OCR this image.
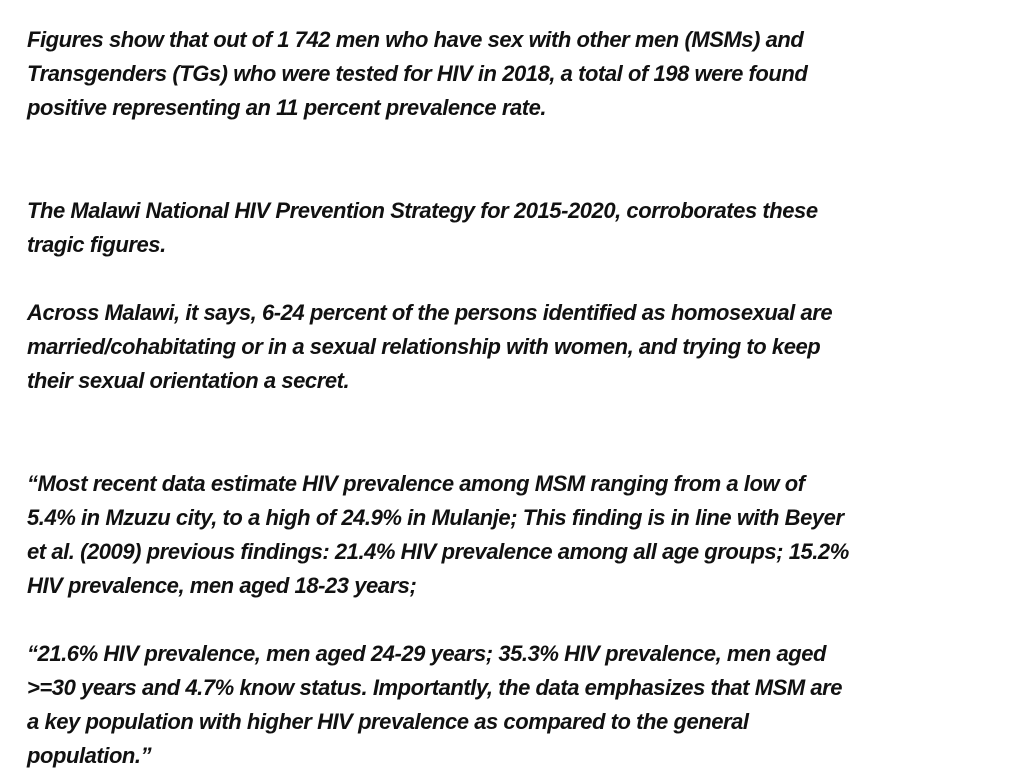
Figures show that out of 1 742 men who have sex with other men (MSMs) and
Transgenders (TGs) who were tested for HIV in 2018, a total of 198 were found
positive representing an 11 percent prevalence rate.

The Malawi National HIV Prevention Strategy for 2015-2020, corroborates these
tragic figures.

Across Malawi, it says, 6-24 percent of the persons identified as homosexual are
married/cohabitating or in a sexual relationship with women, and trying to keep
their sexual orientation a secret.

“Most recent data estimate HIV prevalence among MSM ranging from a low of
5.4% in Mzuzu city, to a high of 24.9% in Mulanje; This finding is in line with Beyer
et al. (2009) previous findings: 21.4% HIV prevalence among all age groups; 15.2%
HIV prevalence, men aged 18-23 years;

“21.6% HIV prevalence, men aged 24-29 years; 35.3% HIV prevalence, men aged
>=30 years and 4.7% know status. Importantly, the data emphasizes that MSM are
a key population with higher HIV prevalence as compared to the general
population.”
